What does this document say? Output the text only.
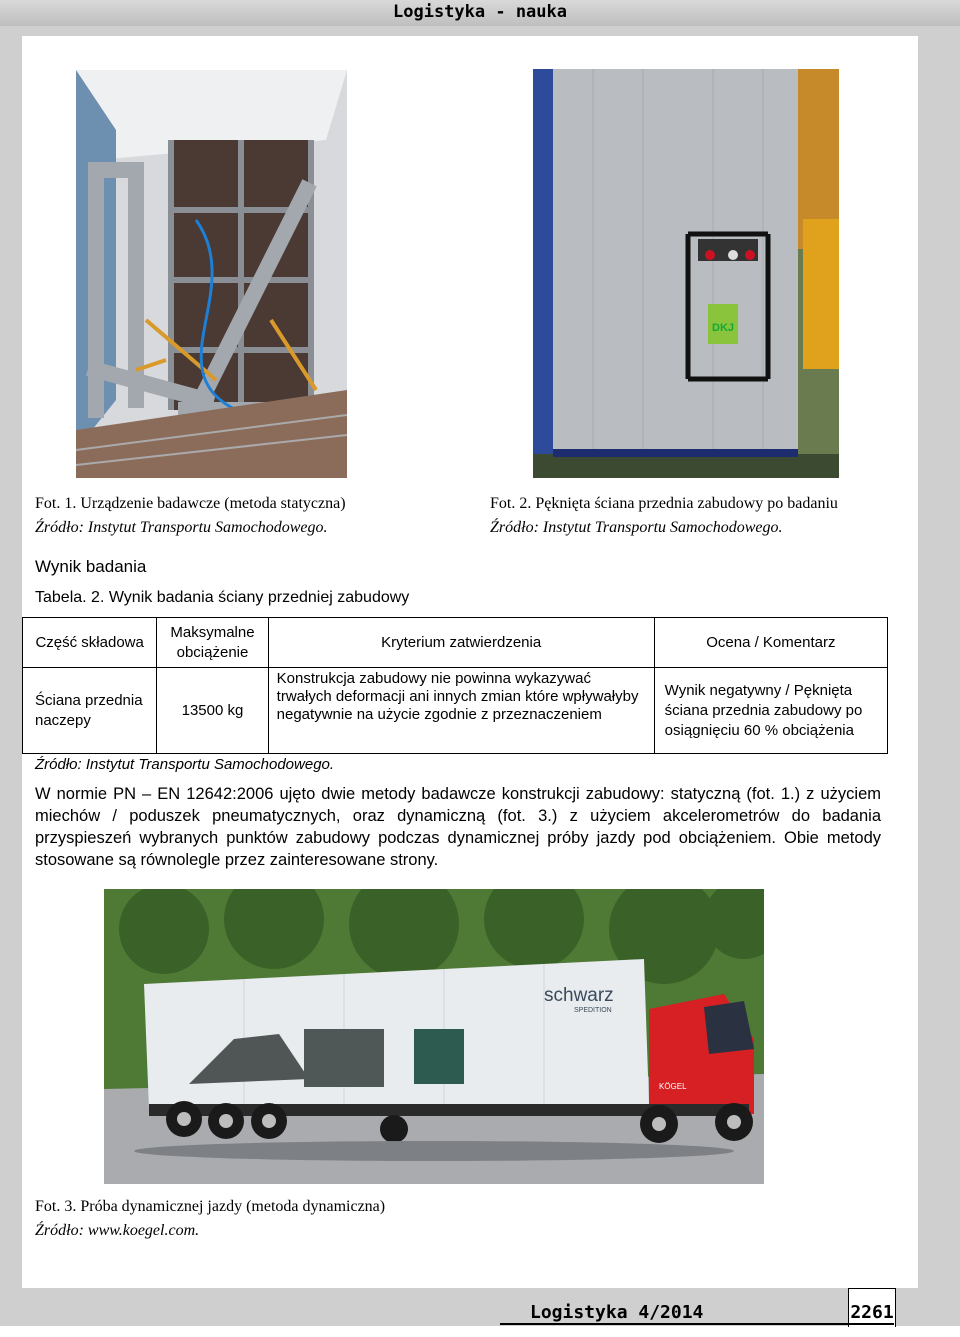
Logistyka - nauka
DKJ
Fot. 1. Urządzenie badawcze (metoda statyczna)
Źródło: Instytut Transportu Samochodowego.
Fot. 2. Pęknięta ściana przednia zabudowy po badaniu
Źródło: Instytut Transportu Samochodowego.
Wynik badania
Tabela. 2. Wynik badania ściany przedniej zabudowy
Część składowa	Maksymalne obciążenie	Kryterium zatwierdzenia	Ocena / Komentarz
Ściana przednia naczepy	13500 kg	Konstrukcja zabudowy nie powinna wykazywać trwałych deformacji ani innych zmian które wpływałyby negatywnie na użycie zgodnie z przeznaczeniem	Wynik negatywny / Pęknięta ściana przednia zabudowy po osiągnięciu 60 % obciążenia
Źródło: Instytut Transportu Samochodowego.
W normie PN – EN 12642:2006 ujęto dwie metody badawcze konstrukcji zabudowy: statyczną (fot. 1.) z użyciem miechów / poduszek pneumatycznych, oraz dynamiczną (fot. 3.) z użyciem akcelerometrów do badania przyspieszeń wybranych punktów zabudowy podczas dynamicznej próby jazdy pod obciążeniem. Obie metody stosowane są równolegle przez zainteresowane strony.
schwarz
SPEDITION
KÖGEL
Fot. 3. Próba dynamicznej jazdy (metoda dynamiczna)
Źródło: www.koegel.com.
Logistyka 4/2014	2261
